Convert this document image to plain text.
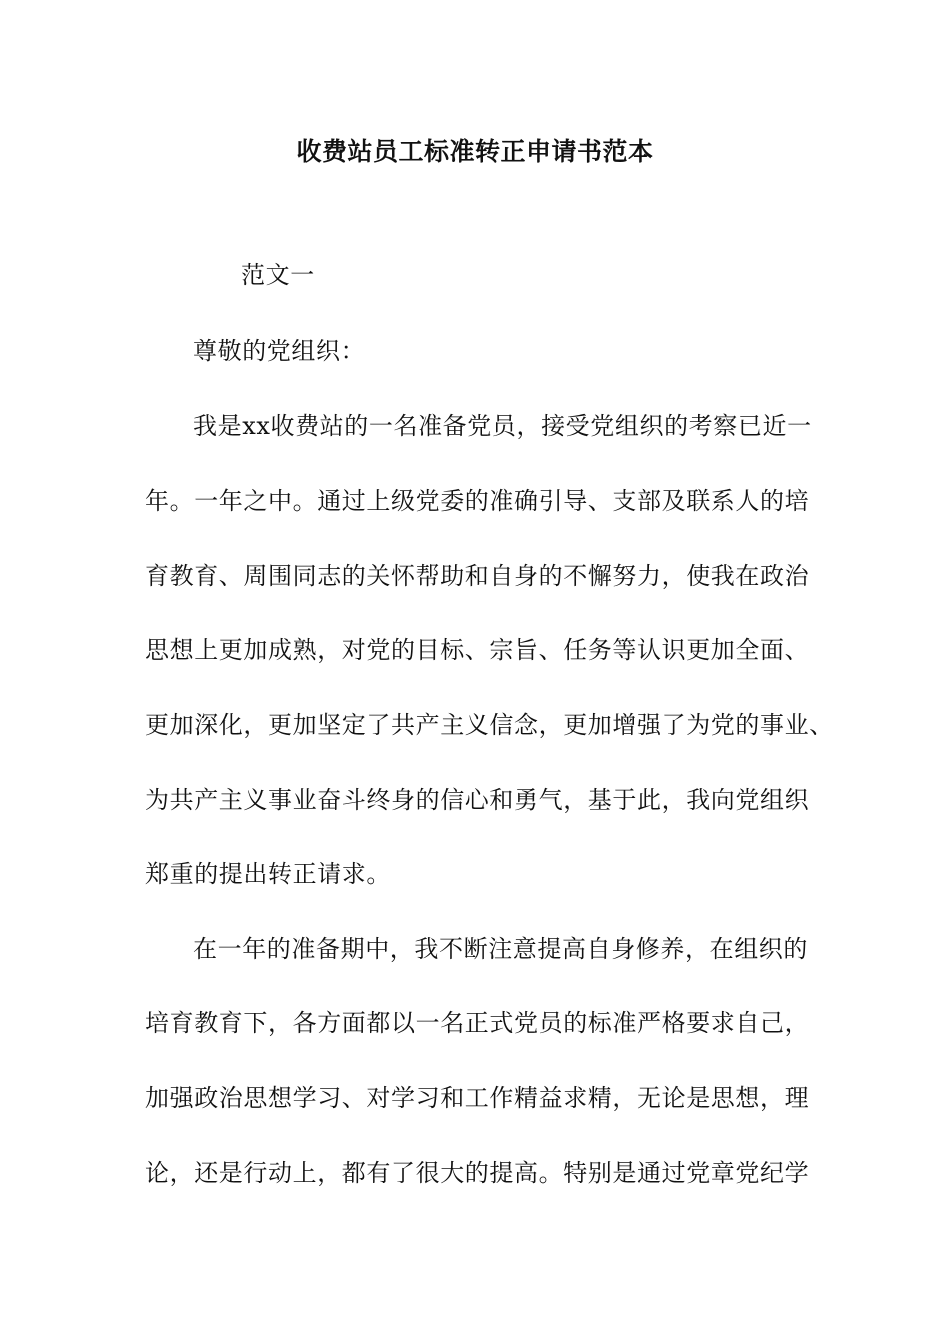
收费站员工标准转正申请书范本
范文一
尊敬的党组织：
我是xx收费站的一名准备党员，接受党组织的考察已近一
年。一年之中。通过上级党委的准确引导、支部及联系人的培
育教育、周围同志的关怀帮助和自身的不懈努力，使我在政治
思想上更加成熟，对党的目标、宗旨、任务等认识更加全面、
更加深化，更加坚定了共产主义信念，更加增强了为党的事业、
为共产主义事业奋斗终身的信心和勇气，基于此，我向党组织
郑重的提出转正请求。
在一年的准备期中，我不断注意提高自身修养，在组织的
培育教育下，各方面都以一名正式党员的标准严格要求自己，
加强政治思想学习、对学习和工作精益求精，无论是思想，理
论，还是行动上，都有了很大的提高。特别是通过党章党纪学
